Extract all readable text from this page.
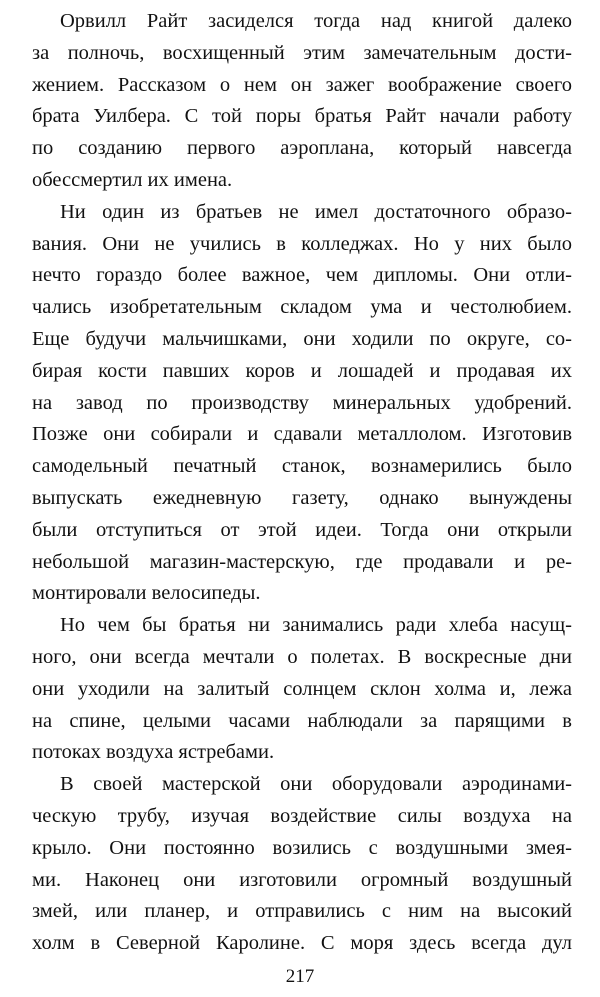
Орвилл Райт засиделся тогда над книгой далеко
за полночь, восхищенный этим замечательным дости-
жением. Рассказом о нем он зажег воображение своего
брата Уилбера. С той поры братья Райт начали работу
по созданию первого аэроплана, который навсегда
обессмертил их имена.

Ни один из братьев не имел достаточного образо-
вания. Они не учились в колледжах. Но у них было
нечто гораздо более важное, чем дипломы. Они отли-
чались изобретательным складом ума и честолюбием.
Еще будучи мальчишками, они ходили по округе, со-
бирая кости павших коров и лошадей и продавая их
на завод по производству минеральных удобрений.
Позже они собирали и сдавали металлолом. Изготовив
самодельный печатный станок, вознамерились было
выпускать ежедневную газету, однако вынуждены
были отступиться от этой идеи. Тогда они открыли
небольшой магазин-мастерскую, где продавали и ре-
монтировали велосипеды.

Но чем бы братья ни занимались ради хлеба насущ-
ного, они всегда мечтали о полетах. В воскресные дни
они уходили на залитый солнцем склон холма и, лежа
на спине, целыми часами наблюдали за парящими в
потоках воздуха ястребами.

В своей мастерской они оборудовали аэродинами-
ческую трубу, изучая воздействие силы воздуха на
крыло. Они постоянно возились с воздушными змея-
ми. Наконец они изготовили огромный воздушный
змей, или планер, и отправились с ним на высокий
холм в Северной Каролине. С моря здесь всегда дул

217
